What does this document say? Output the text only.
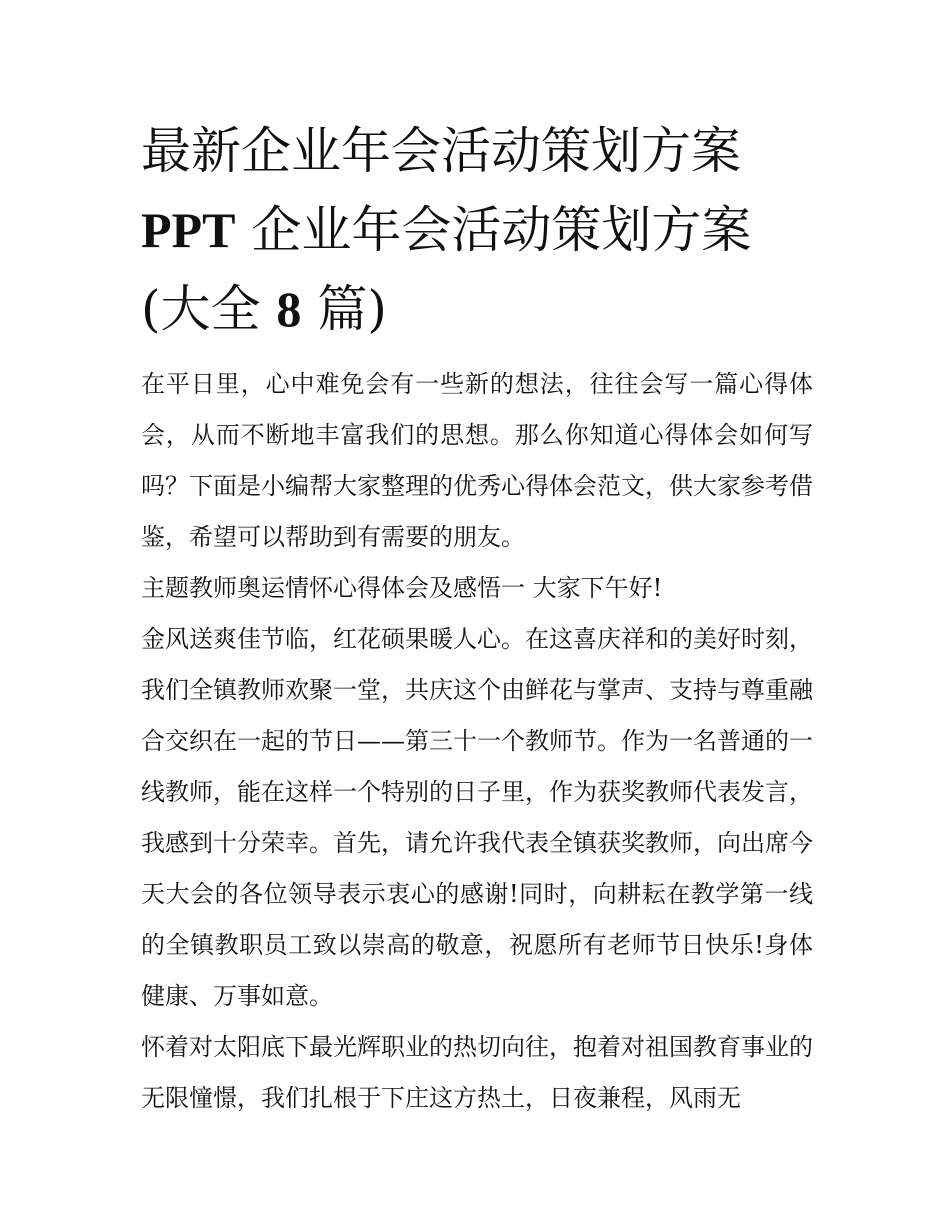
最新企业年会活动策划方案
PPT 企业年会活动策划方案(大全 8 篇)

在平日里，心中难免会有一些新的想法，往往会写一篇心得体会，从而不断地丰富我们的思想。那么你知道心得体会如何写吗？下面是小编帮大家整理的优秀心得体会范文，供大家参考借鉴，希望可以帮助到有需要的朋友。

主题教师奥运情怀心得体会及感悟一 大家下午好!

金风送爽佳节临，红花硕果暖人心。在这喜庆祥和的美好时刻，我们全镇教师欢聚一堂，共庆这个由鲜花与掌声、支持与尊重融合交织在一起的节日——第三十一个教师节。作为一名普通的一线教师，能在这样一个特别的日子里，作为获奖教师代表发言，我感到十分荣幸。首先，请允许我代表全镇获奖教师，向出席今天大会的各位领导表示衷心的感谢!同时，向耕耘在教学第一线的全镇教职员工致以崇高的敬意，祝愿所有老师节日快乐!身体健康、万事如意。

怀着对太阳底下最光辉职业的热切向往，抱着对祖国教育事业的无限憧憬，我们扎根于下庄这方热土，日夜兼程，风雨无
